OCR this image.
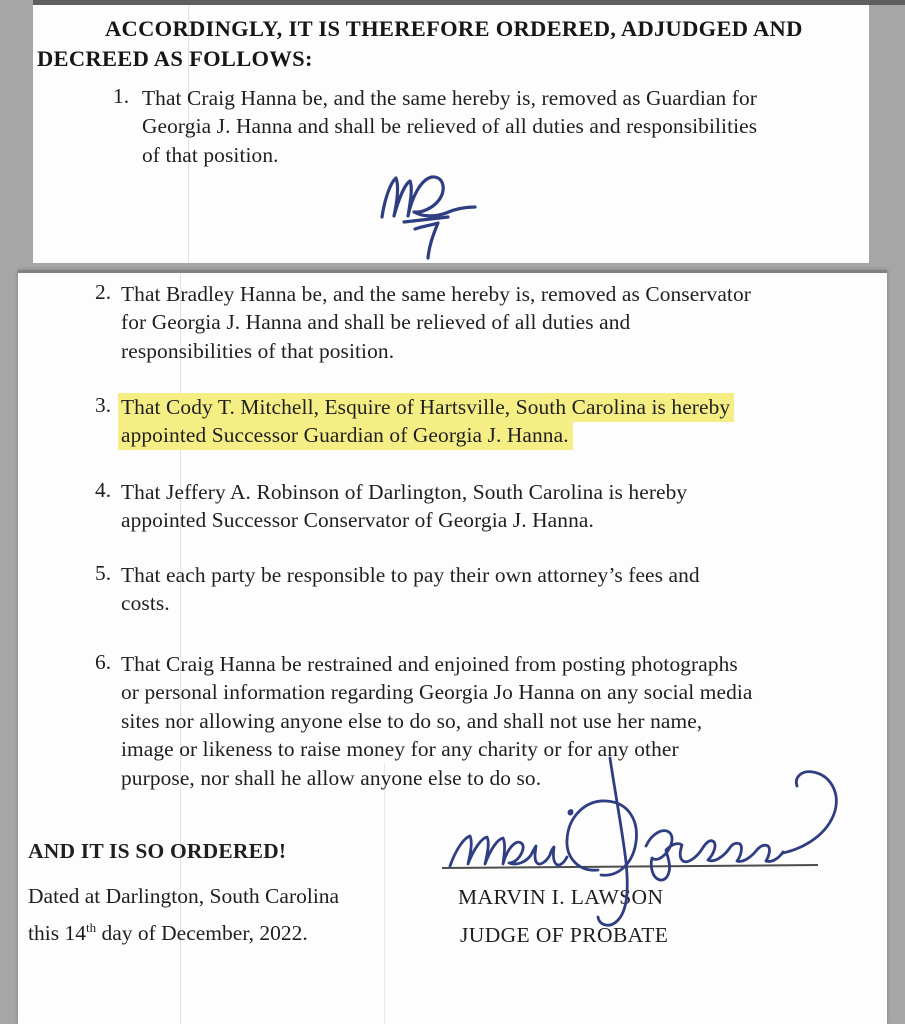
ACCORDINGLY, IT IS THEREFORE ORDERED, ADJUDGED AND
DECREED AS FOLLOWS:
1. That Craig Hanna be, and the same hereby is, removed as Guardian for
Georgia J. Hanna and shall be relieved of all duties and responsibilities
of that position.
2. That Bradley Hanna be, and the same hereby is, removed as Conservator
for Georgia J. Hanna and shall be relieved of all duties and
responsibilities of that position.
3. That Cody T. Mitchell, Esquire of Hartsville, South Carolina is hereby
appointed Successor Guardian of Georgia J. Hanna.
4. That Jeffery A. Robinson of Darlington, South Carolina is hereby
appointed Successor Conservator of Georgia J. Hanna.
5. That each party be responsible to pay their own attorney’s fees and
costs.
6. That Craig Hanna be restrained and enjoined from posting photographs
or personal information regarding Georgia Jo Hanna on any social media
sites nor allowing anyone else to do so, and shall not use her name,
image or likeness to raise money for any charity or for any other
purpose, nor shall he allow anyone else to do so.
AND IT IS SO ORDERED!
Dated at Darlington, South Carolina
this 14th day of December, 2022.
MARVIN I. LAWSON
JUDGE OF PROBATE
